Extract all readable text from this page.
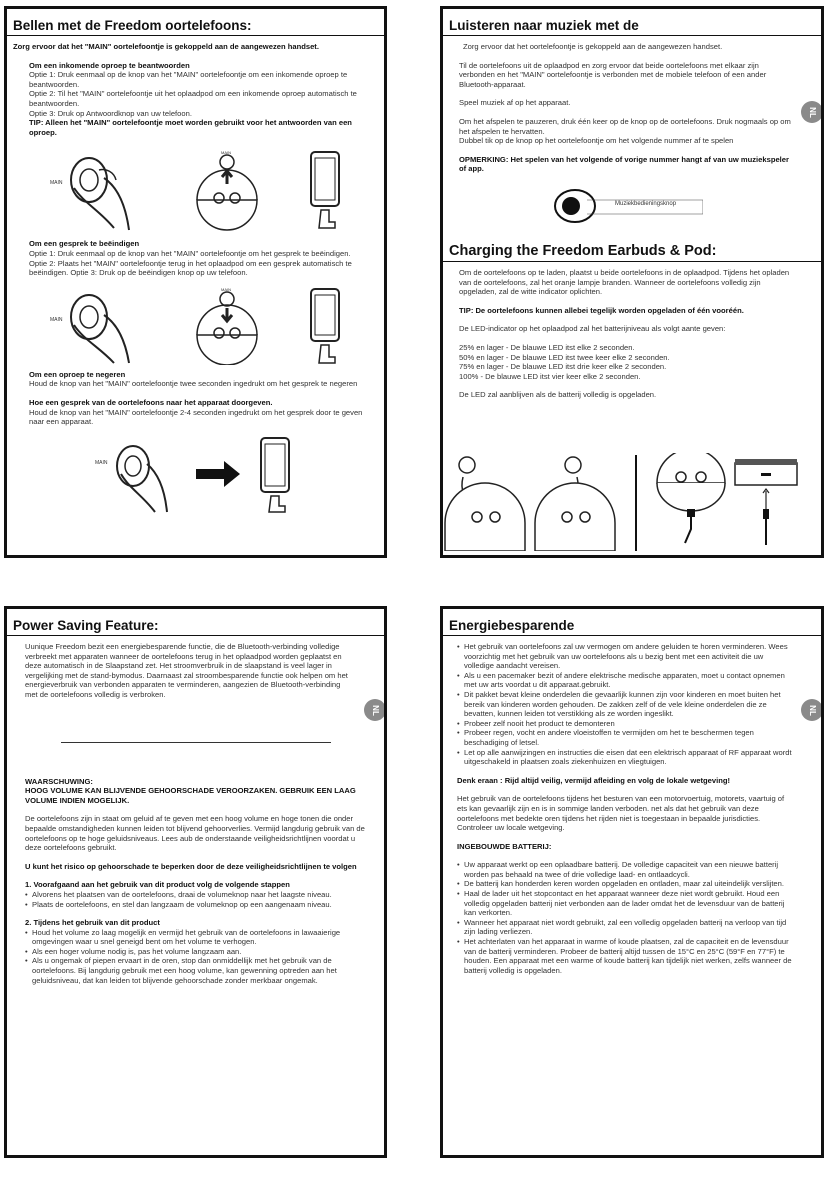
Bellen met de Freedom oortelefoons:
Zorg ervoor dat het "MAIN" oortelefoontje is gekoppeld aan de aangewezen handset.
Om een inkomende oproep te beantwoorden
Optie 1: Druk eenmaal op de knop van het "MAIN" oortelefoontje om een inkomende oproep te beantwoorden.
Optie 2: Til het "MAIN" oortelefoontje uit het oplaadpod om een inkomende oproep automatisch te beantwoorden.
Optie 3: Druk op Antwoordknop van uw telefoon.
TIP: Alleen het "MAIN" oortelefoontje moet worden gebruikt voor het antwoorden van een oproep.
MAIN
MAIN
Om een gesprek te beëindigen
Optie 1: Druk eenmaal op de knop van het "MAIN" oortelefoontje om het gesprek te beëindigen.
Optie 2: Plaats het "MAIN" oortelefoontje terug in het oplaadpod om een gesprek automatisch te beëindigen. Optie 3: Druk op de beëindigen knop op uw telefoon.
MAIN
MAIN
Om een oproep te negeren
Houd de knop van het "MAIN" oortelefoontje twee seconden ingedrukt om het gesprek te negeren
Hoe een gesprek van de oortelefoons naar het apparaat doorgeven.
Houd de knop van het "MAIN" oortelefoontje 2-4 seconden ingedrukt om het gesprek door te geven naar een apparaat.
MAIN
Luisteren naar muziek met de
NL
Zorg ervoor dat het oortelefoontje is gekoppeld aan de aangewezen handset.
Til de oortelefoons uit de oplaadpod en zorg ervoor dat beide oortelefoons met elkaar zijn verbonden en het "MAIN" oortelefoontje is verbonden met de mobiele telefoon of een ander Bluetooth-apparaat.
Speel muziek af op het apparaat.
Om het afspelen te pauzeren, druk één keer op de knop op de oortelefoons. Druk nogmaals op om het afspelen te hervatten.
Dubbel tik op de knop op het oortelefoontje om het volgende nummer af te spelen
OPMERKING: Het spelen van het volgende of vorige nummer hangt af van uw muziekspeler of app.
Muziekbedieningsknop
Charging the Freedom Earbuds & Pod:
Om de oortelefoons op te laden, plaatst u beide oortelefoons in de oplaadpod. Tijdens het opladen van de oortelefoons, zal het oranje lampje branden. Wanneer de oortelefoons volledig zijn opgeladen, zal de witte indicator oplichten.
TIP: De oortelefoons kunnen allebei tegelijk worden opgeladen of één vooréén.
De LED-indicator op het oplaadpod zal het batterijniveau als volgt aante geven:
25% en lager - De blauwe LED itst elke 2 seconden.
50% en lager - De blauwe LED itst twee keer elke 2 seconden.
75% en lager - De blauwe LED itst drie keer elke 2 seconden.
100% - De blauwe LED itst vier keer elke 2 seconden.
De LED zal aanblijven als de batterij volledig is opgeladen.
Power Saving Feature:
NL
Uunique Freedom bezit een energiebesparende functie, die de Bluetooth-verbinding volledige verbreekt met apparaten wanneer de oortelefoons terug in het oplaadpod worden geplaatst en deze automatisch in de Slaapstand zet. Het stroomverbruik in de slaapstand is veel lager in vergelijking met de stand-bymodus. Daarnaast zal stroombesparende functie ook helpen om het energieverbruik van verbonden apparaten te verminderen, aangezien de Bluetooth-verbinding met de oortelefoons volledig is verbroken.
WAARSCHUWING:
HOOG VOLUME KAN BLIJVENDE GEHOORSCHADE VEROORZAKEN. GEBRUIK EEN LAAG VOLUME INDIEN MOGELIJK.
De oortelefoons zijn in staat om geluid af te geven met een hoog volume en hoge tonen die onder bepaalde omstandigheden kunnen leiden tot blijvend gehoorverlies. Vermijd langdurig gebruik van de oortelefoons op te hoge geluidsniveaus. Lees aub de onderstaande veiligheidsrichtlijnen voordat u deze oortelefoons gebruikt.
U kunt het risico op gehoorschade te beperken door de deze veiligheidsrichtlijnen te volgen
1. Voorafgaand aan het gebruik van dit product volg de volgende stappen
• Alvorens het plaatsen van de oortelefoons, draai de volumeknop naar het laagste niveau.
• Plaats de oortelefoons, en stel dan langzaam de volumeknop op een aangenaam niveau.
2. Tijdens het gebruik van dit product
• Houd het volume zo laag mogelijk en vermijd het gebruik van de oortelefoons in lawaaierige omgevingen waar u snel geneigd bent om het volume te verhogen.
• Als een hoger volume nodig is, pas het volume langzaam aan.
• Als u ongemak of piepen ervaart in de oren, stop dan onmiddellijk met het gebruik van de oortelefoons. Bij langdurig gebruik met een hoog volume, kan gewenning optreden aan het geluidsniveau, dat kan leiden tot blijvende gehoorschade zonder merkbaar ongemak.
Energiebesparende
NL
• Het gebruik van oortelefoons zal uw vermogen om andere geluiden te horen verminderen. Wees voorzichtig met het gebruik van uw oortelefoons als u bezig bent met een activiteit die uw volledige aandacht vereisen.
• Als u een pacemaker bezit of andere elektrische medische apparaten, moet u contact opnemen met uw arts voordat u dit apparaat.gebruikt.
• Dit pakket bevat kleine onderdelen die gevaarlijk kunnen zijn voor kinderen en moet buiten het bereik van kinderen worden gehouden. De zakken zelf of de vele kleine onderdelen die ze bevatten, kunnen leiden tot verstikking als ze worden ingeslikt.
• Probeer zelf nooit het product te demonteren
• Probeer regen, vocht en andere vloeistoffen te vermijden om het te beschermen tegen beschadiging of letsel.
• Let op alle aanwijzingen en instructies die eisen dat een elektrisch apparaat of RF apparaat wordt uitgeschakeld in plaatsen zoals ziekenhuizen en vliegtuigen.
Denk eraan : Rijd altijd veilig, vermijd afleiding en volg de lokale wetgeving!
Het gebruik van de oortelefoons tijdens het besturen van een motorvoertuig, motorets, vaartuig of ets kan gevaarlijk zijn en is in sommige landen verboden. net als dat het gebruik van deze oortelefoons met bedekte oren tijdens het rijden niet is toegestaan in bepaalde jurisdicties. Controleer uw locale wetgeving.
INGEBOUWDE BATTERIJ:
• Uw apparaat werkt op een oplaadbare batterij. De volledige capaciteit van een nieuwe batterij worden pas behaald na twee of drie volledige laad- en ontlaadcycli.
• De batterij kan honderden keren worden opgeladen en ontladen, maar zal uiteindelijk verslijten.
• Haal de lader uit het stopcontact en het apparaat wanneer deze niet wordt gebruikt. Houd een volledig opgeladen batterij niet verbonden aan de lader omdat het de levensduur van de batterij kan verkorten.
• Wanneer het apparaat niet wordt gebruikt, zal een volledig opgeladen batterij na verloop van tijd zijn lading verliezen.
• Het achterlaten van het apparaat in warme of koude plaatsen, zal de capaciteit en de levensduur van de batterij verminderen. Probeer de batterij altijd tussen de 15°C en 25°C (59°F en 77°F) te houden. Een apparaat met een warme of koude batterij kan tijdelijk niet werken, zelfs wanneer de batterij volledig is opgeladen.
